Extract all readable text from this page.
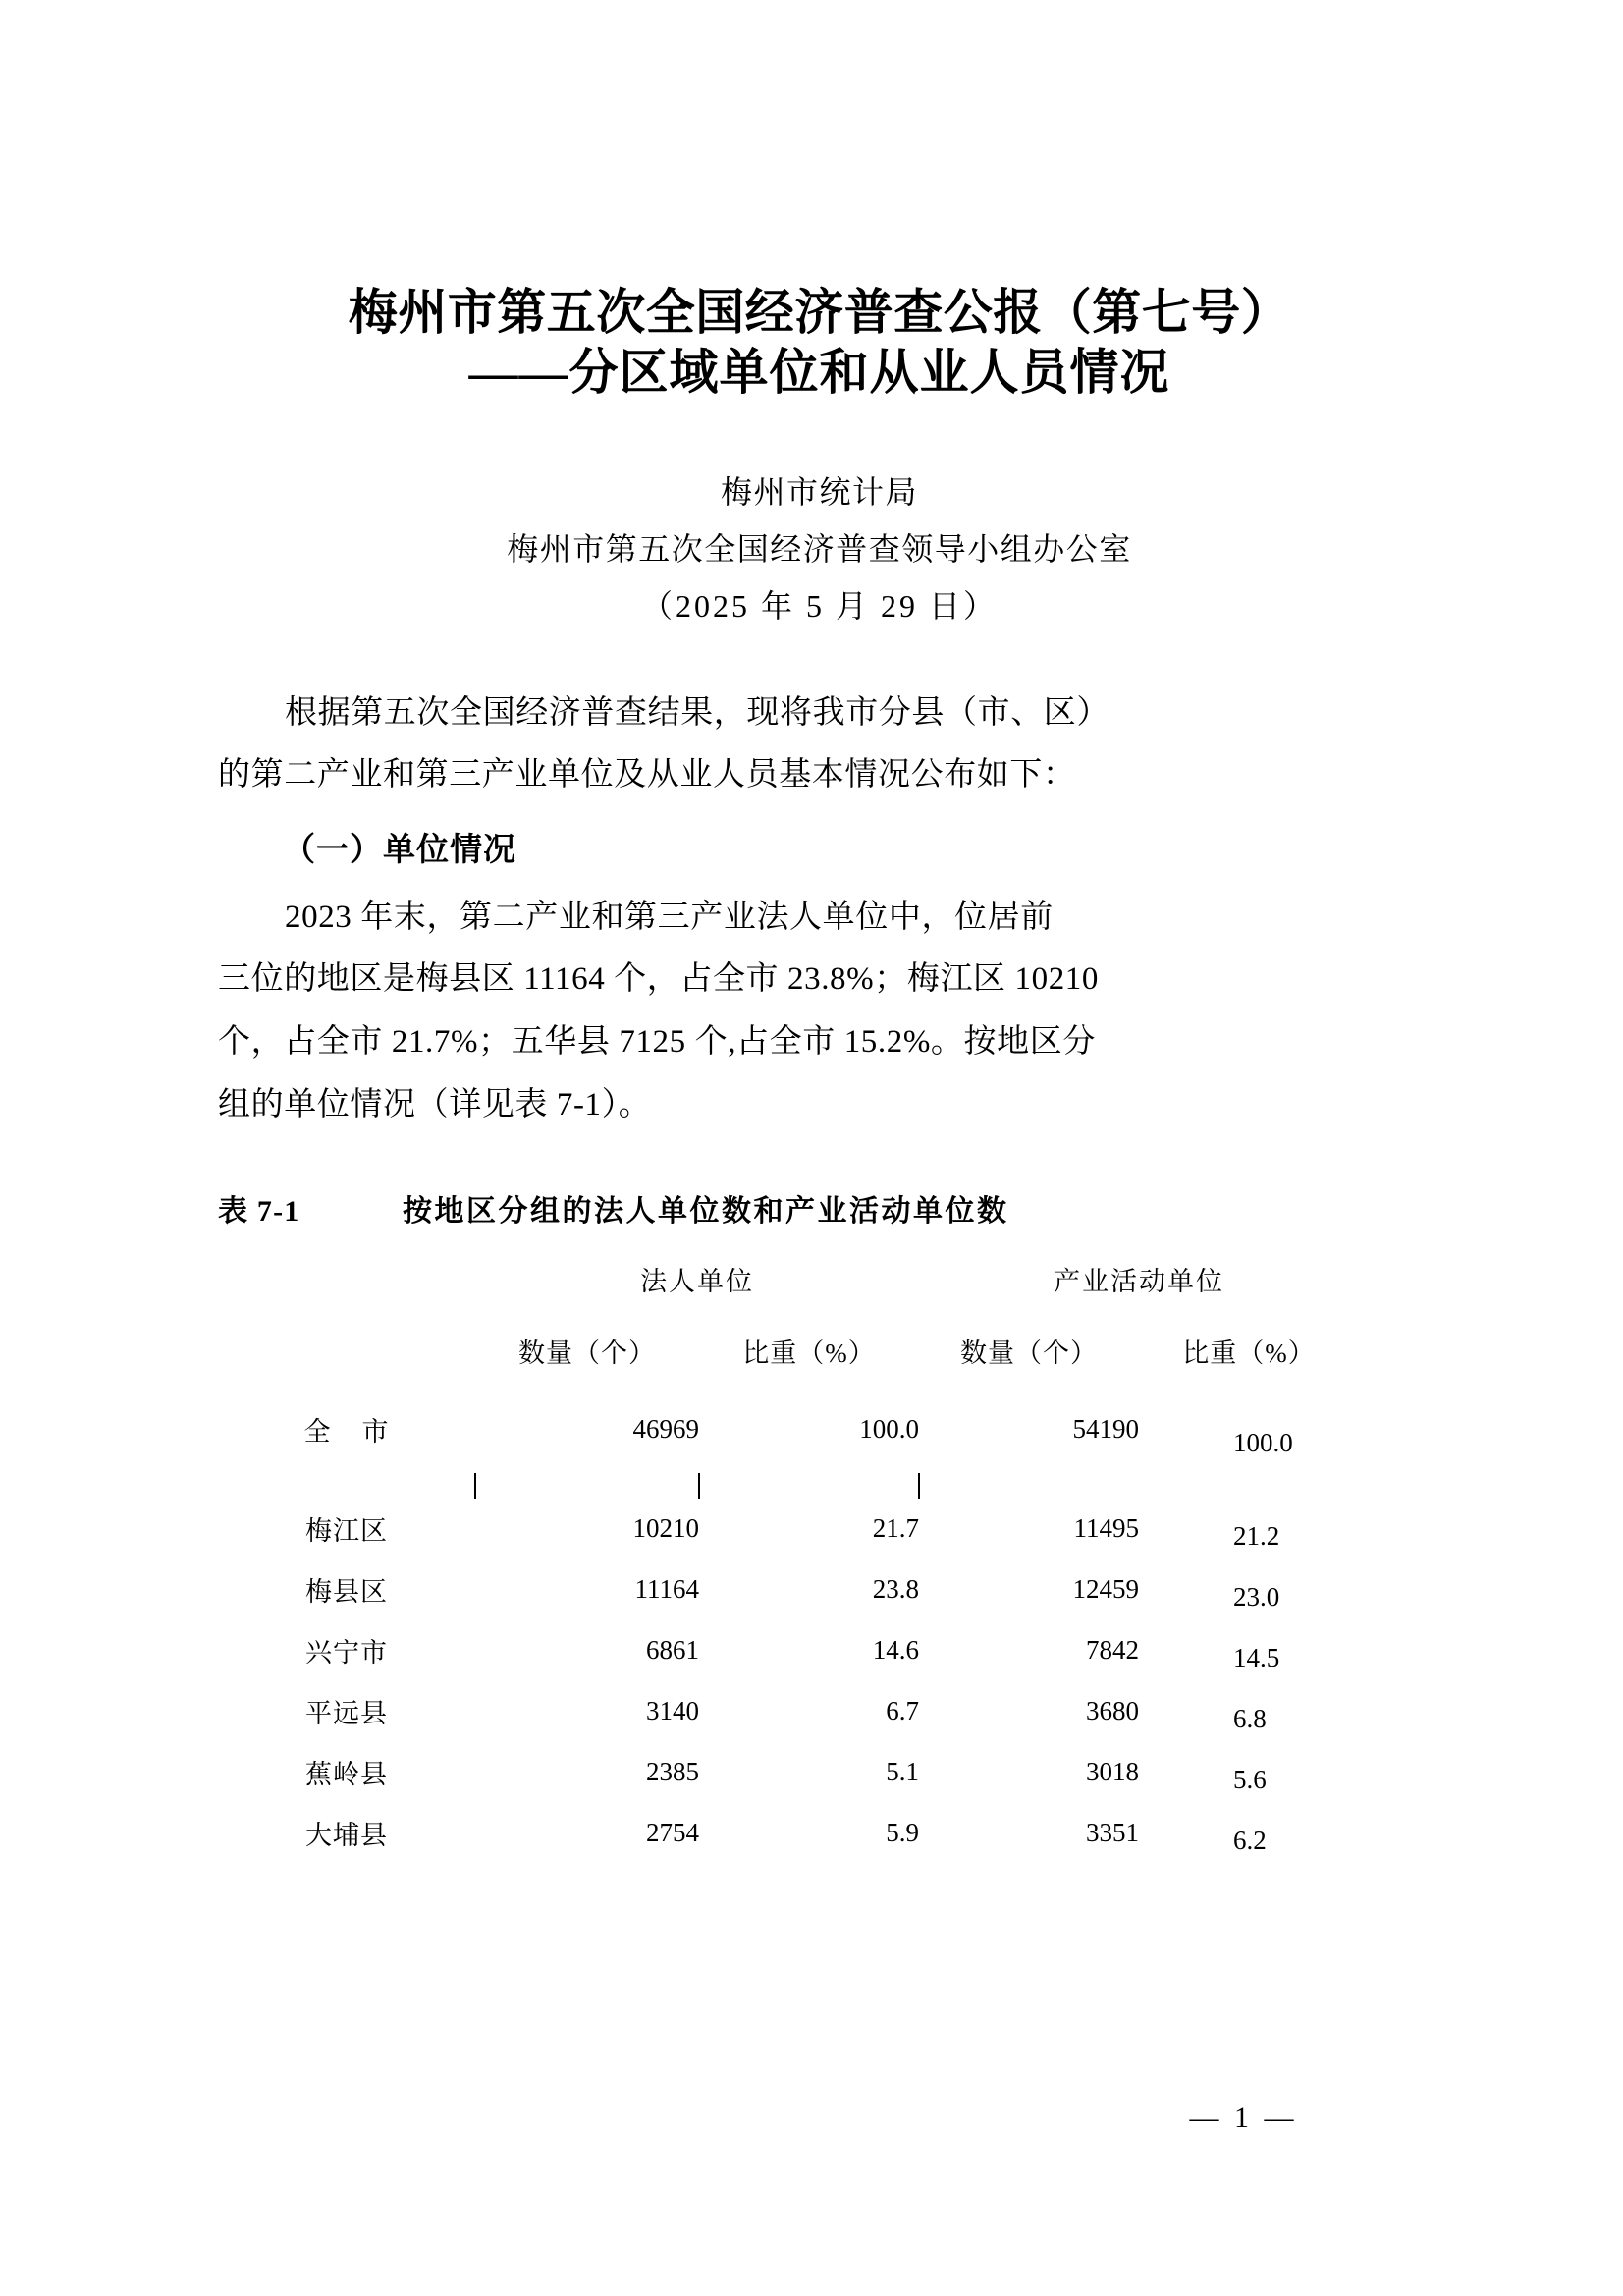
梅州市第五次全国经济普查公报（第七号）
——分区域单位和从业人员情况
梅州市统计局
梅州市第五次全国经济普查领导小组办公室
（2025 年 5 月 29 日）

根据第五次全国经济普查结果，现将我市分县（市、区）
的第二产业和第三产业单位及从业人员基本情况公布如下：

（一）单位情况

2023 年末，第二产业和第三产业法人单位中，位居前
三位的地区是梅县区 11164 个，占全市 23.8%；梅江区 10210
个，占全市 21.7%；五华县 7125 个,占全市 15.2%。按地区分
组的单位情况（详见表 7-1）。

表 7-1	按地区分组的法人单位数和产业活动单位数

	法人单位		产业活动单位	
	数量（个）	比重（%）	数量（个）	比重（%）

全    市	46969	100.0	54190	100.0

梅江区	10210	21.7	11495	21.2
梅县区	11164	23.8	12459	23.0
兴宁市	6861	14.6	7842	14.5
平远县	3140	6.7	3680	6.8
蕉岭县	2385	5.1	3018	5.6
大埔县	2754	5.9	3351	6.2
— 1 —
